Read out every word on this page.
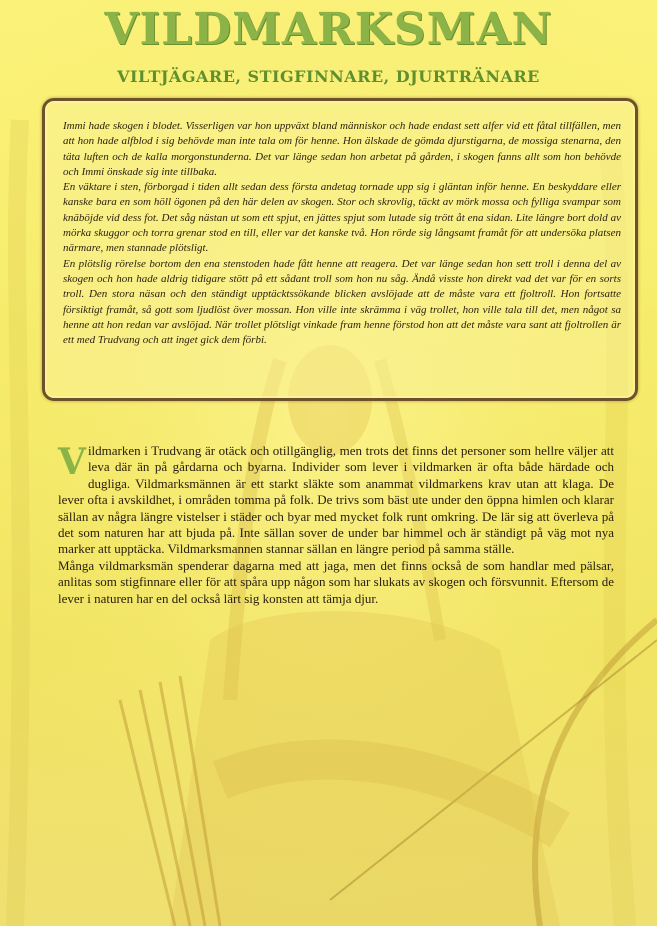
VILDMARKSMAN
VILTJÄGARE, STIGFINNARE, DJURTRÄNARE

Immi hade skogen i blodet. Visserligen var hon uppväxt bland människor och hade endast sett alfer vid ett fåtal tillfällen, men att hon hade alfblod i sig behövde man inte tala om för henne. Hon älskade de gömda djurstigarna, de mossiga stenarna, den täta luften och de kalla morgonstunderna. Det var länge sedan hon arbetat på gården, i skogen fanns allt som hon behövde och Immi önskade sig inte tillbaka.

En väktare i sten, förborgad i tiden allt sedan dess första andetag tornade upp sig i gläntan inför henne. En beskyddare eller kanske bara en som höll ögonen på den här delen av skogen. Stor och skrovlig, täckt av mörk mossa och fylliga svampar som knäböjde vid dess fot. Det såg nästan ut som ett spjut, en jättes spjut som lutade sig trött åt ena sidan. Lite längre bort dold av mörka skuggor och torra grenar stod en till, eller var det kanske två. Hon rörde sig långsamt framåt för att undersöka platsen närmare, men stannade plötsligt.

En plötslig rörelse bortom den ena stenstoden hade fått henne att reagera. Det var länge sedan hon sett troll i denna del av skogen och hon hade aldrig tidigare stött på ett sådant troll som hon nu såg. Ändå visste hon direkt vad det var för en sorts troll. Den stora näsan och den ständigt upptäcktssökande blicken avslöjade att de måste vara ett fjoltroll. Hon fortsatte försiktigt framåt, så gott som ljudlöst över mossan. Hon ville inte skrämma i väg trollet, hon ville tala till det, men något sa henne att hon redan var avslöjad. När trollet plötsligt vinkade fram henne förstod hon att det måste vara sant att fjoltrollen är ett med Trudvang och att inget gick dem förbi.

Vildmarken i Trudvang är otäck och otillgänglig, men trots det finns det personer som hellre väljer att leva där än på gårdarna och byarna. Individer som lever i vildmarken är ofta både härdade och dugliga. Vildmarksmännen är ett starkt släkte som anammat vildmarkens krav utan att klaga. De lever ofta i avskildhet, i områden tomma på folk. De trivs som bäst ute under den öppna himlen och klarar sällan av några längre vistelser i städer och byar med mycket folk runt omkring. De lär sig att överleva på det som naturen har att bjuda på. Inte sällan sover de under bar himmel och är ständigt på väg mot nya marker att upptäcka. Vildmarksmannen stannar sällan en längre period på samma ställe.

Många vildmarksmän spenderar dagarna med att jaga, men det finns också de som handlar med pälsar, anlitas som stigfinnare eller för att spåra upp någon som har slukats av skogen och försvunnit. Eftersom de lever i naturen har en del också lärt sig konsten att tämja djur.
